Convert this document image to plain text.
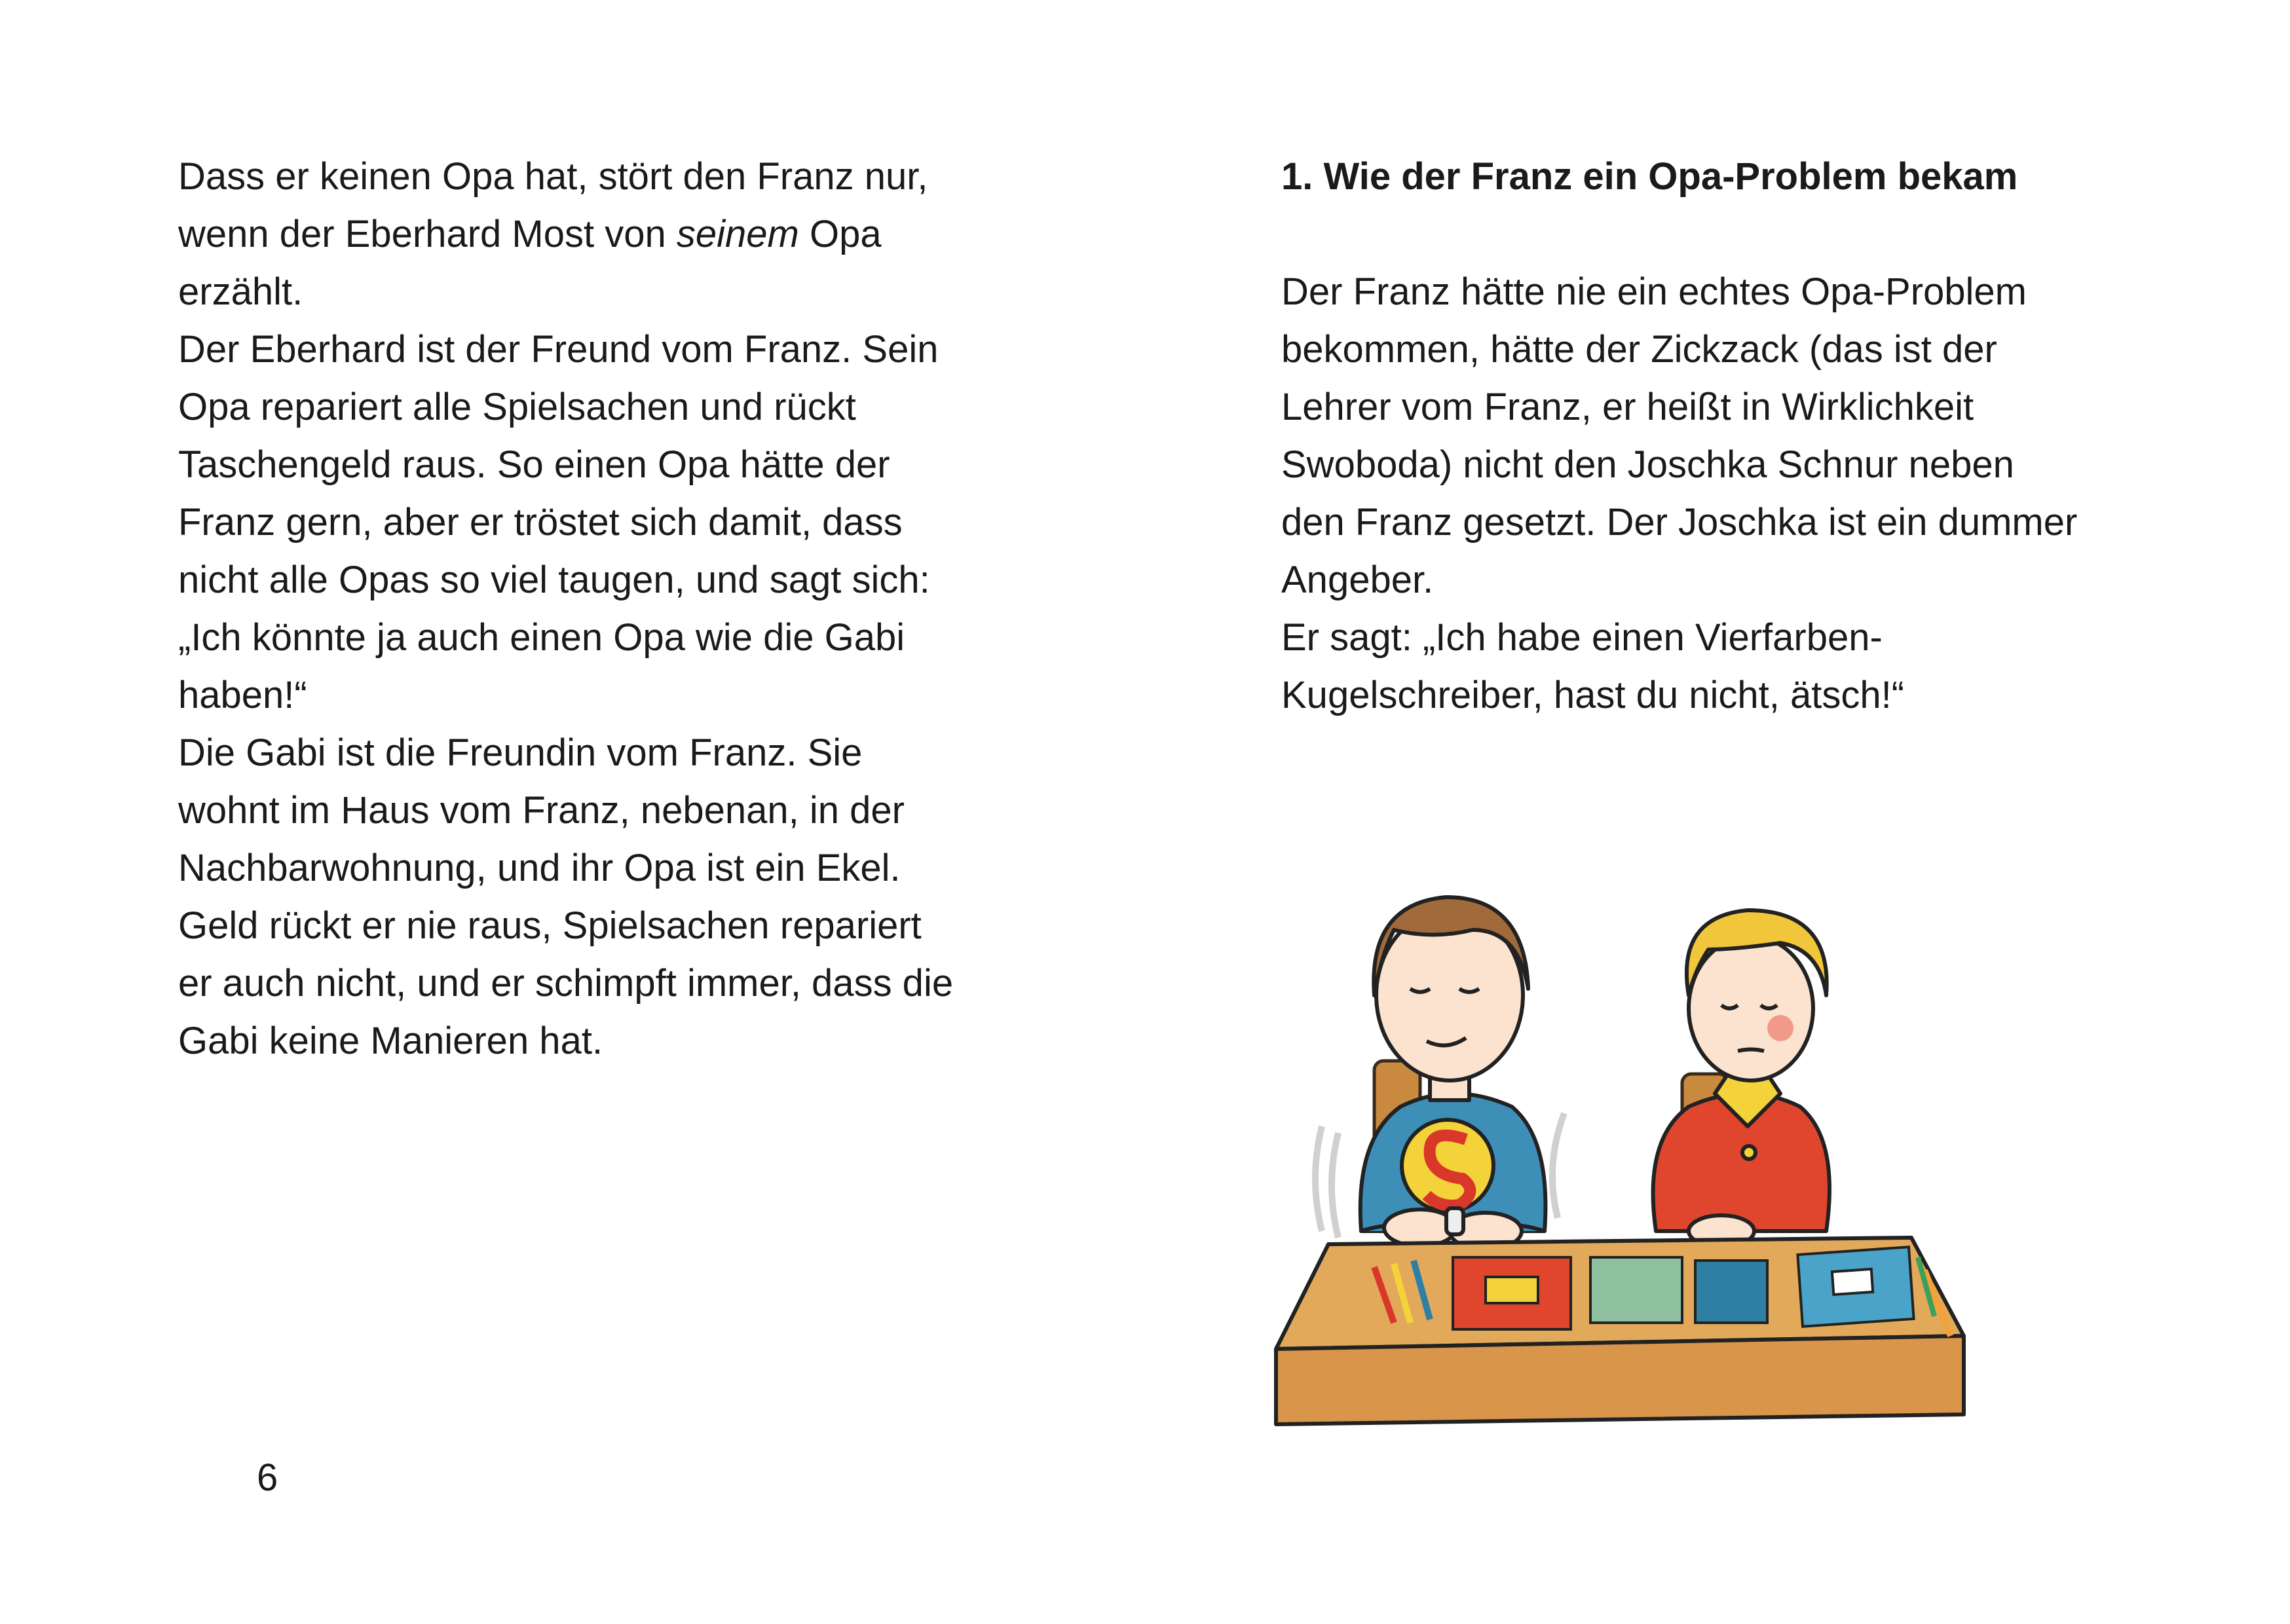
Dass er keinen Opa hat, stört den Franz nur,
wenn der Eberhard Most von seinem Opa
erzählt.
Der Eberhard ist der Freund vom Franz. Sein
Opa repariert alle Spielsachen und rückt
Taschengeld raus. So einen Opa hätte der
Franz gern, aber er tröstet sich damit, dass
nicht alle Opas so viel taugen, und sagt sich:
„Ich könnte ja auch einen Opa wie die Gabi
haben!“
Die Gabi ist die Freundin vom Franz. Sie
wohnt im Haus vom Franz, nebenan, in der
Nachbarwohnung, und ihr Opa ist ein Ekel.
Geld rückt er nie raus, Spielsachen repariert
er auch nicht, und er schimpft immer, dass die
Gabi keine Manieren hat.
6
1. Wie der Franz ein Opa-Problem bekam
Der Franz hätte nie ein echtes Opa-Problem
bekommen, hätte der Zickzack (das ist der
Lehrer vom Franz, er heißt in Wirklichkeit
Swoboda) nicht den Joschka Schnur neben
den Franz gesetzt. Der Joschka ist ein dummer
Angeber.
Er sagt: „Ich habe einen Vierfarben-
Kugelschreiber, hast du nicht, ätsch!“
